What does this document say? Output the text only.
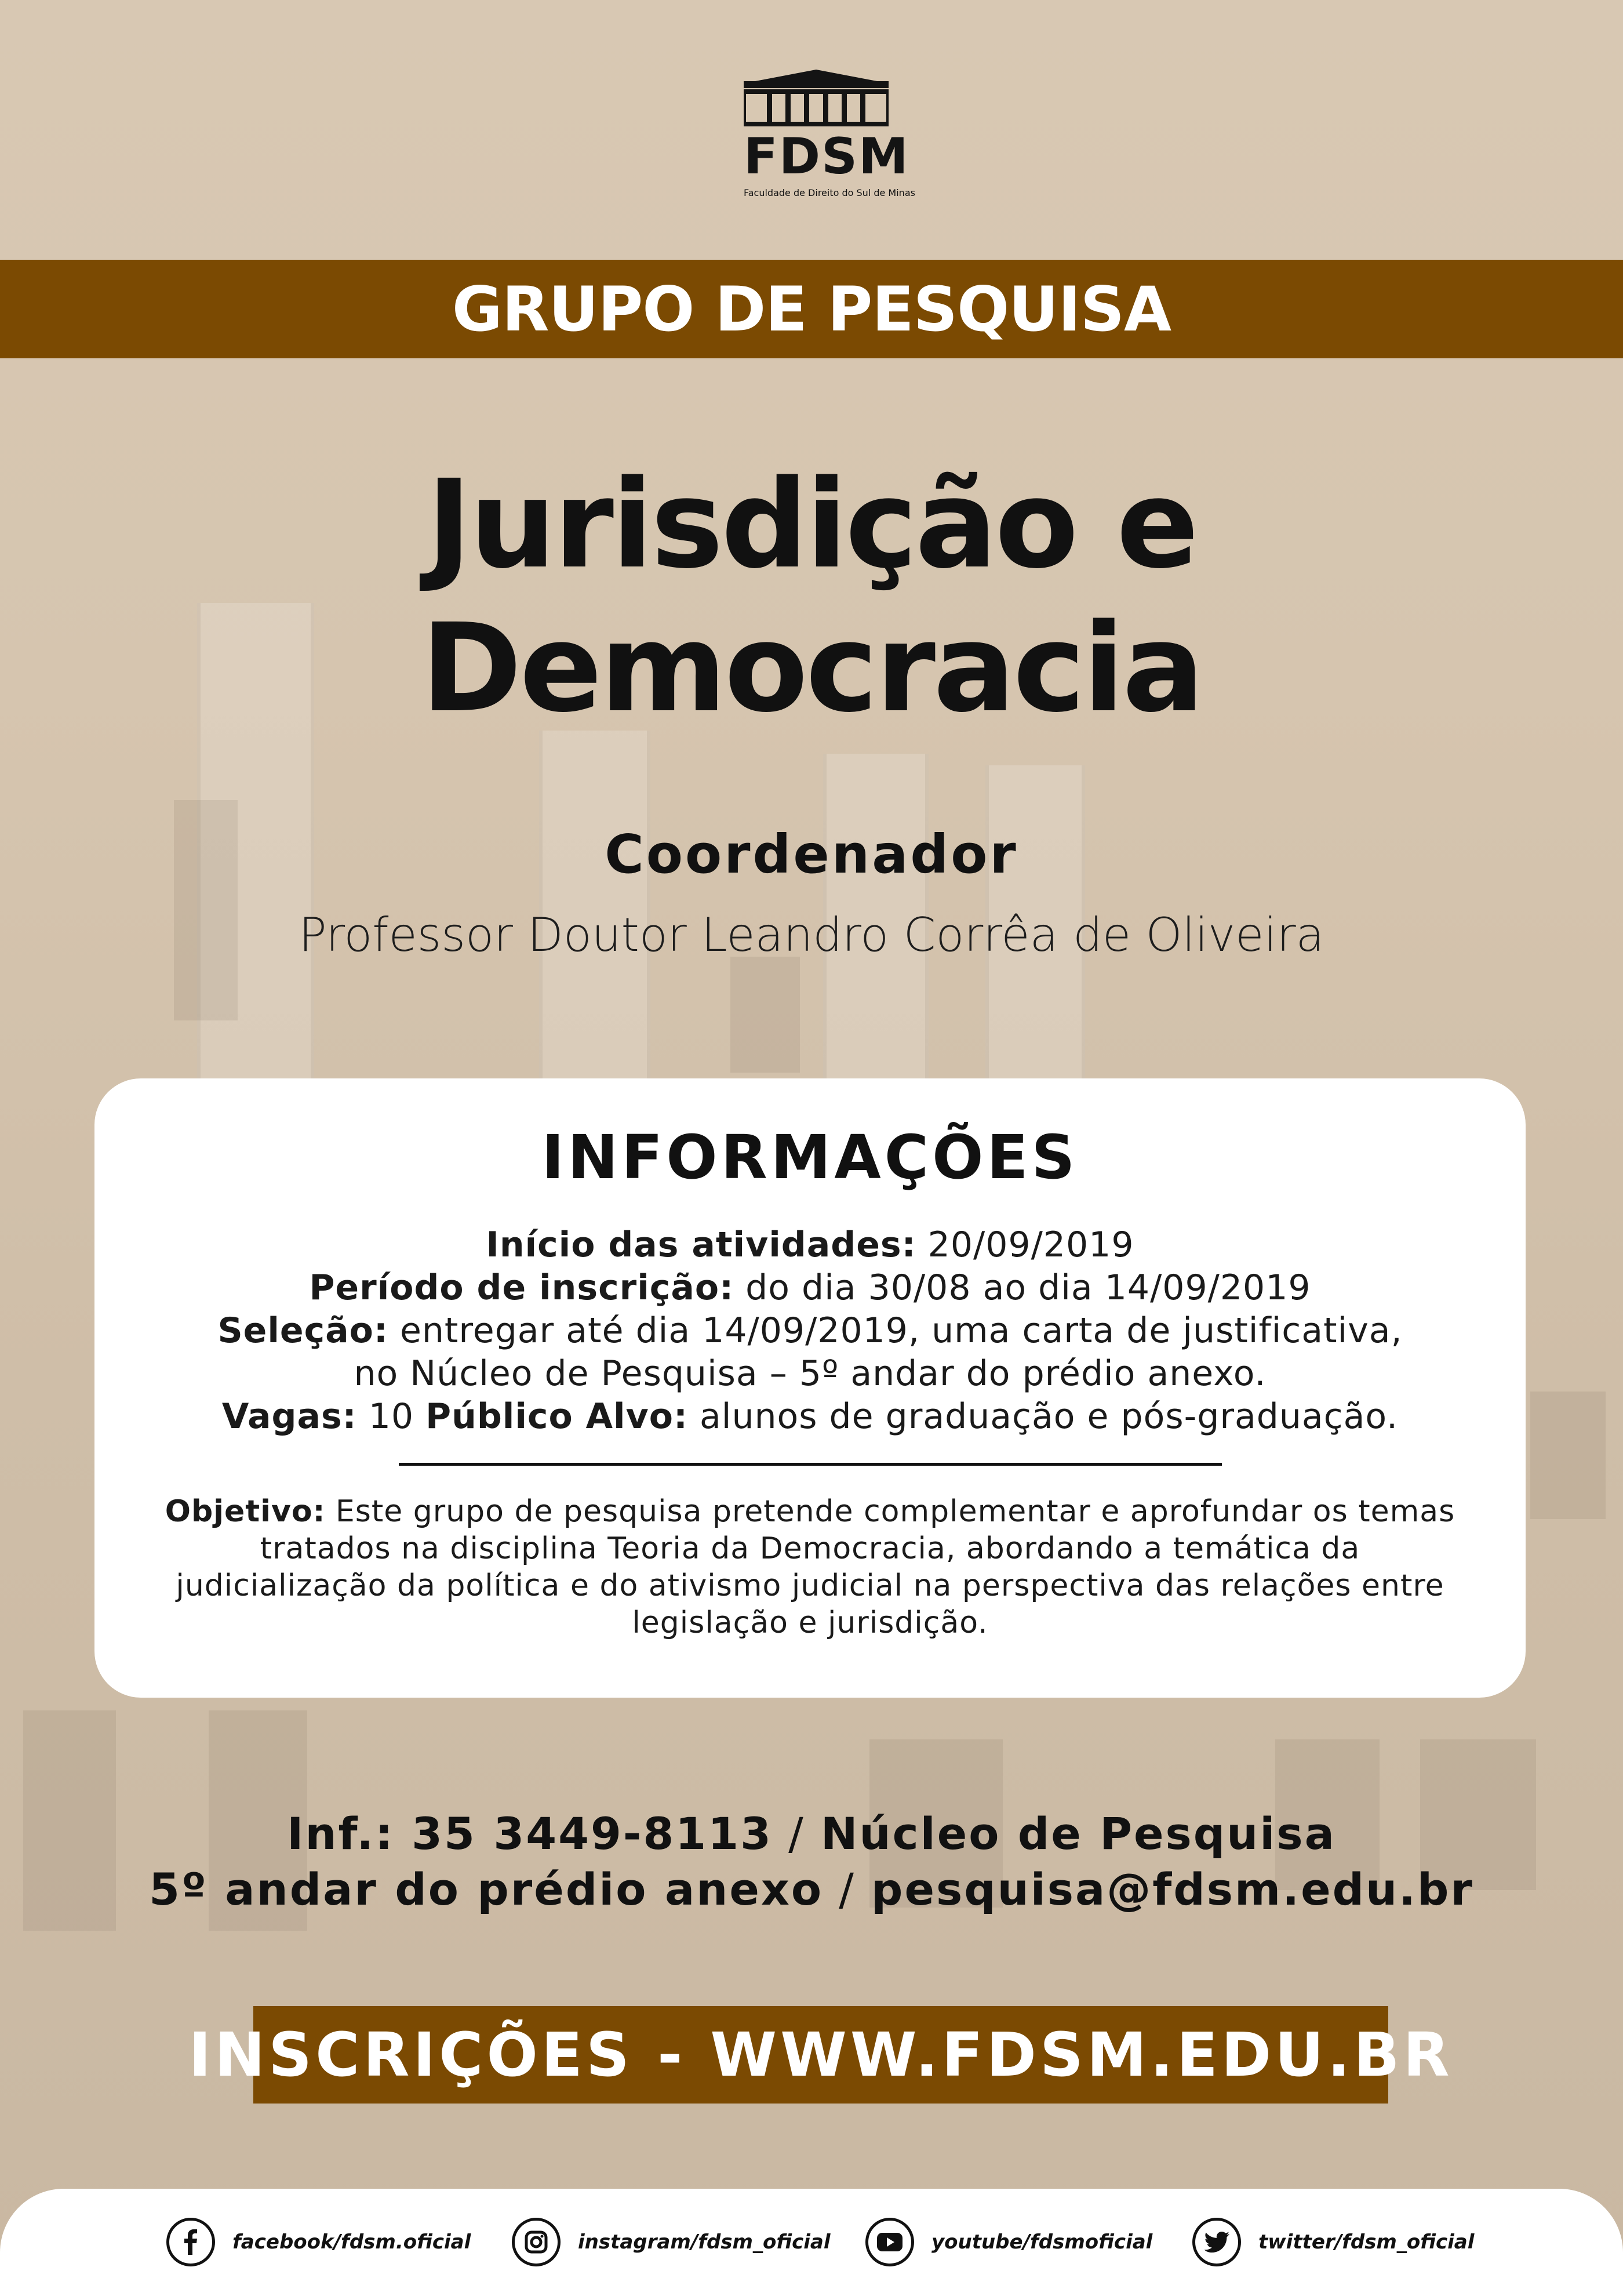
FDSM
Faculdade de Direito do Sul de Minas
GRUPO DE PESQUISA
Jurisdição e
Democracia
Coordenador
Professor Doutor Leandro Corrêa de Oliveira
INFORMAÇÕES
Início das atividades: 20/09/2019
Período de inscrição: do dia 30/08 ao dia 14/09/2019
Seleção: entregar até dia 14/09/2019, uma carta de justificativa,
no Núcleo de Pesquisa – 5º andar do prédio anexo.
Vagas: 10 Público Alvo: alunos de graduação e pós-graduação.
Objetivo: Este grupo de pesquisa pretende complementar e aprofundar os temas tratados na disciplina Teoria da Democracia, abordando a temática da judicialização da política e do ativismo judicial na perspectiva das relações entre legislação e jurisdição.
Inf.: 35 3449-8113 / Núcleo de Pesquisa
5º andar do prédio anexo / pesquisa@fdsm.edu.br
INSCRIÇÕES - WWW.FDSM.EDU.BR
facebook/fdsm.oficial	instagram/fdsm_oficial	youtube/fdsmoficial	twitter/fdsm_oficial
